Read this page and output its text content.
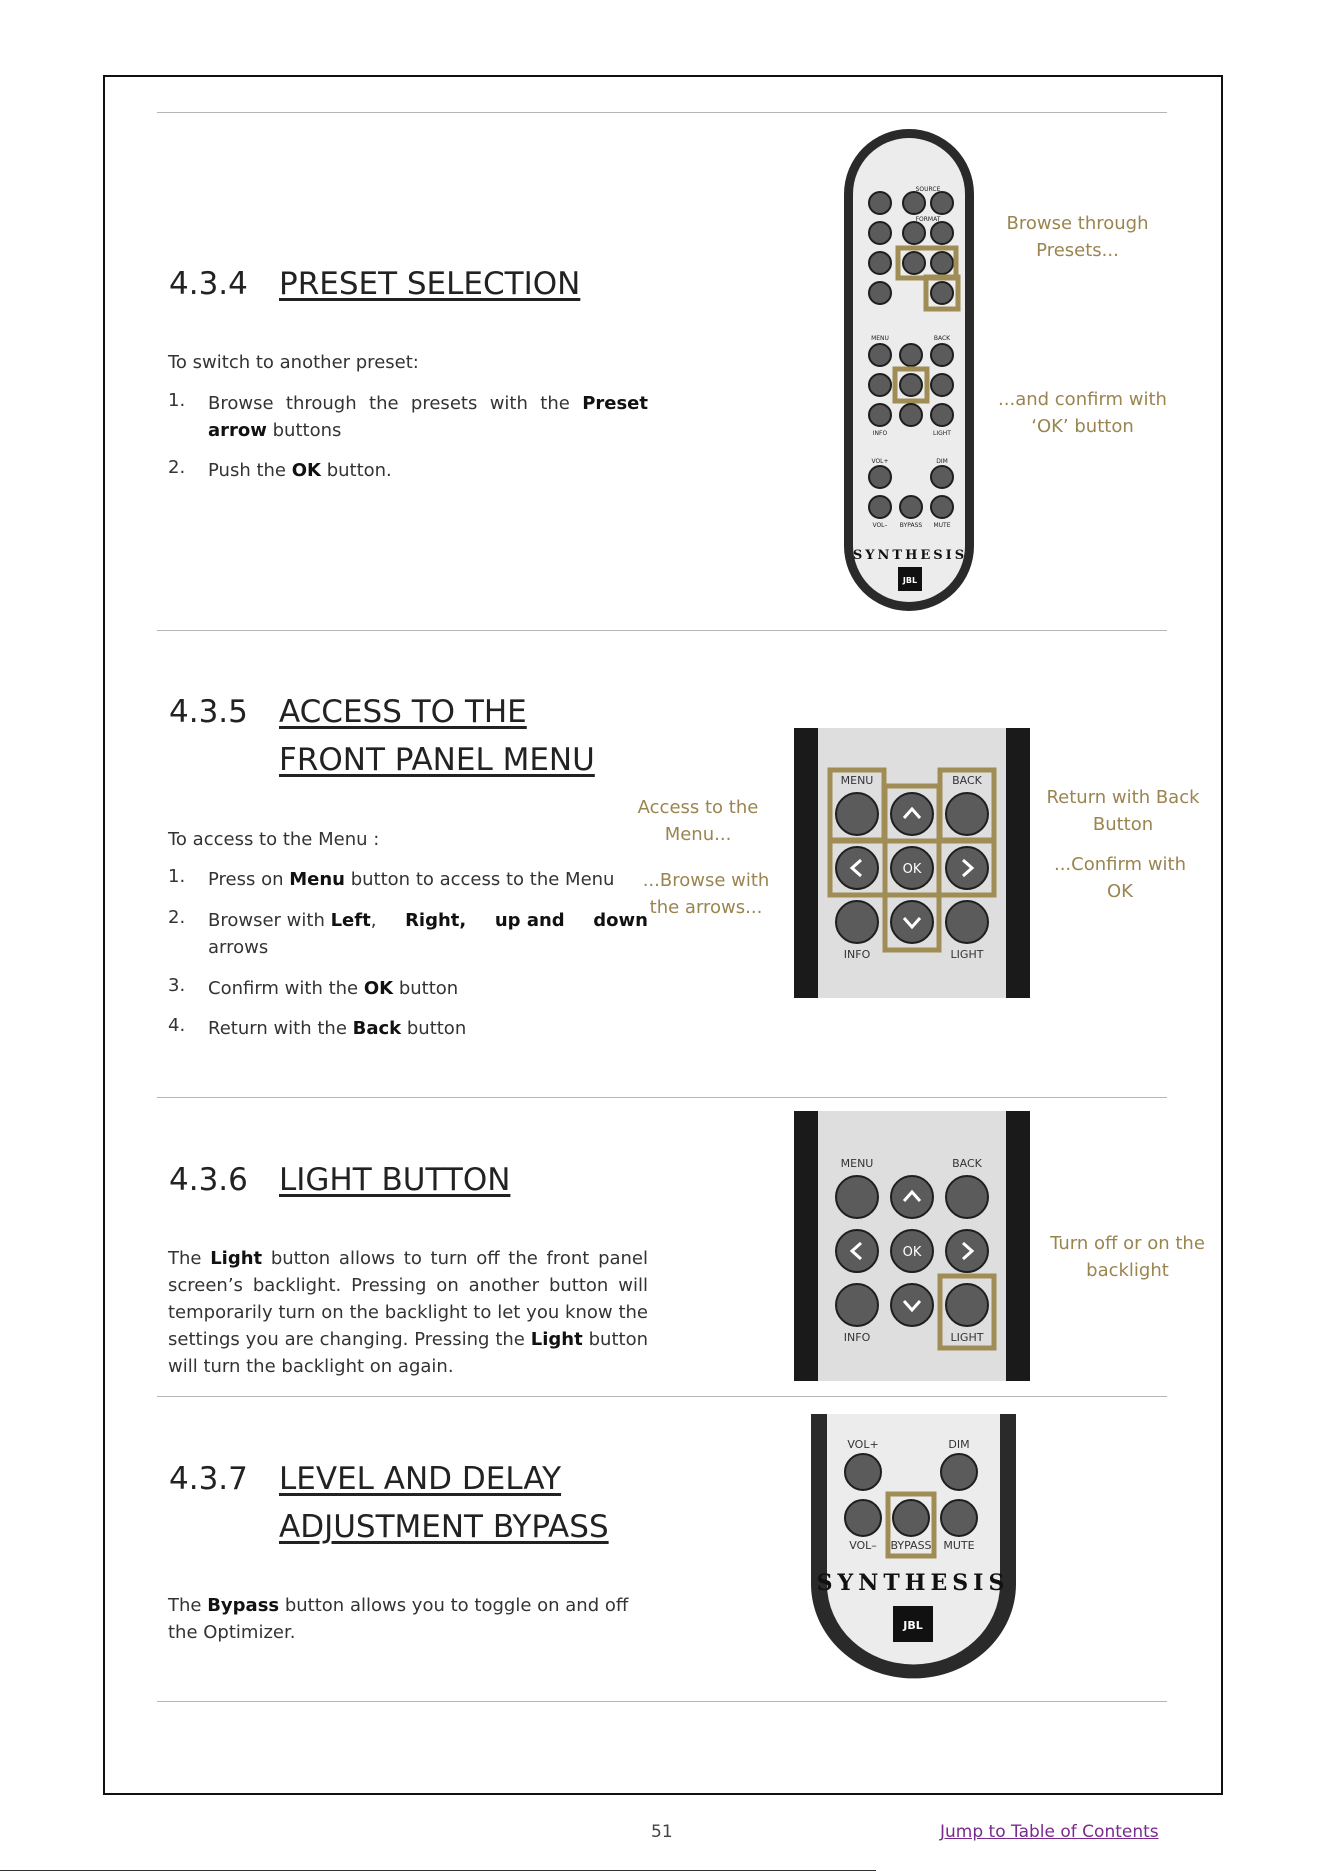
4.3.4 PRESET SELECTION
To switch to another preset:
1. Browse through the presets with the Preset arrow buttons
2. Push the OK button.
SOURCE
FORMAT
MENU	BACK
INFO	LIGHT
VOL+	DIM
VOL– BYPASS MUTE
SYNTHESIS
JBL
Browse through Presets...
...and confirm with ‘OK’ button
4.3.5 ACCESS TO THE
FRONT PANEL MENU
To access to the Menu :
1. Press on Menu button to access to the Menu
2. Browser with Left, Right, up and down
arrows
3. Confirm with the OK button
4. Return with the Back button
Access to the Menu...
...Browse with the arrows...
Return with Back Button
...Confirm with OK
MENU	BACK
OK
INFO	LIGHT
4.3.6 LIGHT BUTTON
The Light button allows to turn off the front panel screen’s backlight. Pressing on another button will temporarily turn on the backlight to let you know the settings you are changing. Pressing the Light button will turn the backlight on again.
MENU	BACK
OK
INFO	LIGHT
Turn off or on the backlight
4.3.7 LEVEL AND DELAY
ADJUSTMENT BYPASS
The Bypass button allows you to toggle on and off the Optimizer.
VOL+	DIM
VOL– BYPASS MUTE
SYNTHESIS
JBL
51	Jump to Table of Contents
